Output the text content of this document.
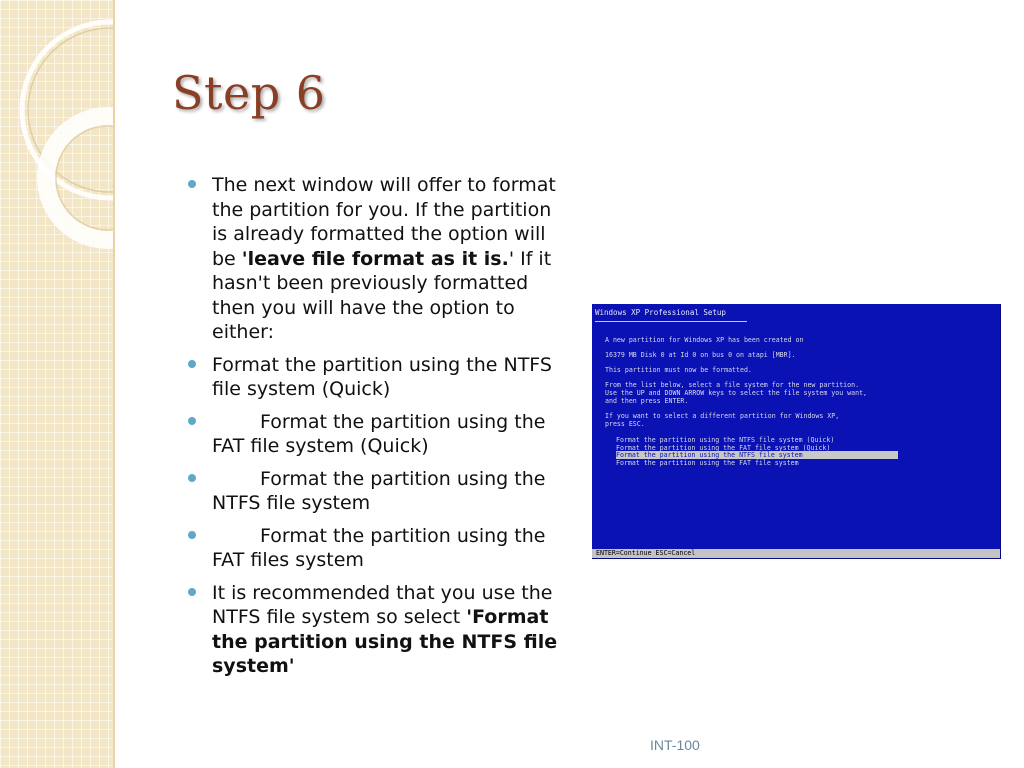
Step 6
The next window will offer to format the partition for you. If the partition is already formatted the option will be 'leave file format as it is.' If it hasn't been previously formatted then you will have the option to either:
Format the partition using the NTFS file system (Quick)
Format the partition using the FAT file system (Quick)
Format the partition using the NTFS file system
Format the partition using the FAT files system
It is recommended that you use the NTFS file system so select 'Format the partition using the NTFS file system'
Windows XP Professional Setup
A new partition for Windows XP has been created on
16379 MB Disk 0 at Id 0 on bus 0 on atapi [MBR].
This partition must now be formatted.
From the list below, select a file system for the new partition.
Use the UP and DOWN ARROW keys to select the file system you want,
and then press ENTER.
If you want to select a different partition for Windows XP,
press ESC.
Format the partition using the NTFS file system (Quick)
Format the partition using the FAT file system (Quick)
Format the partition using the NTFS file system
Format the partition using the FAT file system
ENTER=Continue ESC=Cancel
INT-100
